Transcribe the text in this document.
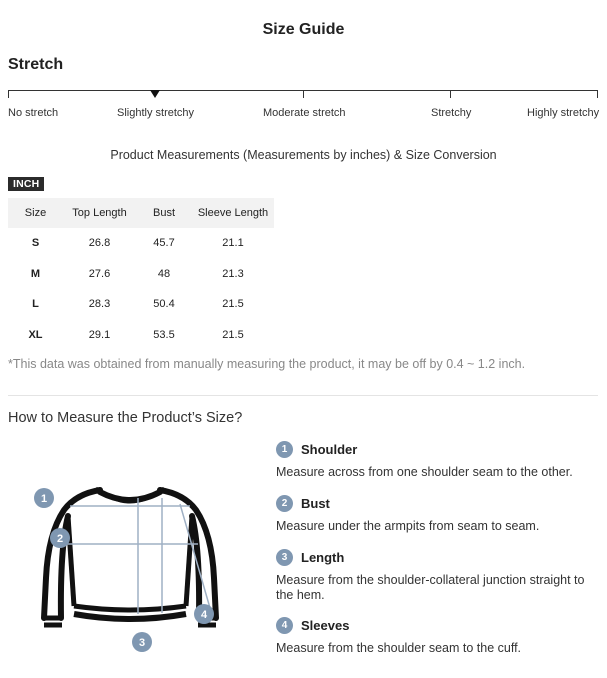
Size Guide
Stretch
No stretch	Slightly stretchy	Moderate stretch	Stretchy	Highly stretchy
Product Measurements (Measurements by inches) & Size Conversion
INCH
Size	Top Length	Bust	Sleeve Length
S	26.8	45.7	21.1
M	27.6	48	21.3
L	28.3	50.4	21.5
XL	29.1	53.5	21.5
*This data was obtained from manually measuring the product, it may be off by 0.4 ~ 1.2 inch.
How to Measure the Product’s Size?
1
2
3
4
1	Shoulder
Measure across from one shoulder seam to the other.
2	Bust
Measure under the armpits from seam to seam.
3	Length
Measure from the shoulder-collateral junction straight to the hem.
4	Sleeves
Measure from the shoulder seam to the cuff.
